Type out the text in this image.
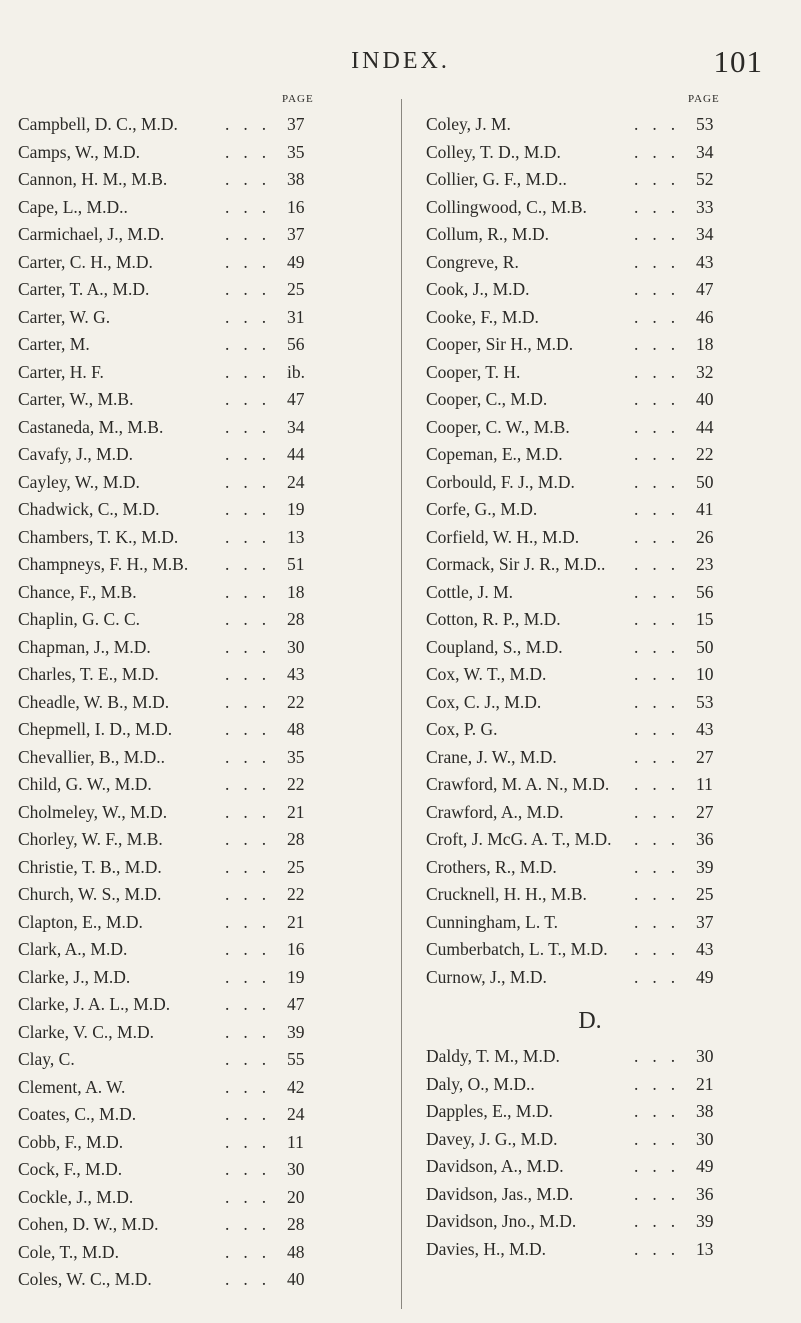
INDEX.	101
PAGE
Campbell, D. C., M.D.	... 37
Camps, W., M.D.	... 35
Cannon, H. M., M.B.	... 38
Cape, L., M.D..	... 16
Carmichael, J., M.D.	... 37
Carter, C. H., M.D.	... 49
Carter, T. A., M.D.	... 25
Carter, W. G.	... 31
Carter, M.	... 56
Carter, H. F.	... ib.
Carter, W., M.B.	... 47
Castaneda, M., M.B.	... 34
Cavafy, J., M.D.	... 44
Cayley, W., M.D.	... 24
Chadwick, C., M.D.	... 19
Chambers, T. K., M.D.	... 13
Champneys, F. H., M.B. ... 51
Chance, F., M.B.	... 18
Chaplin, G. C. C.	... 28
Chapman, J., M.D.	... 30
Charles, T. E., M.D.	... 43
Cheadle, W. B., M.D.	... 22
Chepmell, I. D., M.D.	... 48
Chevallier, B., M.D..	... 35
Child, G. W., M.D.	... 22
Cholmeley, W., M.D.	... 21
Chorley, W. F., M.B.	... 28
Christie, T. B., M.D.	... 25
Church, W. S., M.D.	... 22
Clapton, E., M.D.	... 21
Clark, A., M.D.	... 16
Clarke, J., M.D.	... 19
Clarke, J. A. L., M.D.	... 47
Clarke, V. C., M.D.	... 39
Clay, C.	... 55
Clement, A. W.	... 42
Coates, C., M.D.	... 24
Cobb, F., M.D.	... 11
Cock, F., M.D.	... 30
Cockle, J., M.D.	... 20
Cohen, D. W., M.D.	... 28
Cole, T., M.D.	... 48
Coles, W. C., M.D.	... 40
PAGE
Coley, J. M.	... 53
Colley, T. D., M.D.	... 34
Collier, G. F., M.D..	... 52
Collingwood, C., M.B.	... 33
Collum, R., M.D.	... 34
Congreve, R.	... 43
Cook, J., M.D.	... 47
Cooke, F., M.D.	... 46
Cooper, Sir H., M.D.	... 18
Cooper, T. H.	... 32
Cooper, C., M.D.	... 40
Cooper, C. W., M.B.	... 44
Copeman, E., M.D.	... 22
Corbould, F. J., M.D.	... 50
Corfe, G., M.D.	... 41
Corfield, W. H., M.D.	... 26
Cormack, Sir J. R., M.D.. ... 23
Cottle, J. M.	... 56
Cotton, R. P., M.D.	... 15
Coupland, S., M.D.	... 50
Cox, W. T., M.D.	... 10
Cox, C. J., M.D.	... 53
Cox, P. G.	... 43
Crane, J. W., M.D.	... 27
Crawford, M. A. N., M.D. ... 11
Crawford, A., M.D.	... 27
Croft, J. McG. A. T., M.D. ... 36
Crothers, R., M.D.	... 39
Crucknell, H. H., M.B.	... 25
Cunningham, L. T.	... 37
Cumberbatch, L. T., M.D. ... 43
Curnow, J., M.D.	... 49
D.
Daldy, T. M., M.D.	... 30
Daly, O., M.D..	... 21
Dapples, E., M.D.	... 38
Davey, J. G., M.D.	... 30
Davidson, A., M.D.	... 49
Davidson, Jas., M.D.	... 36
Davidson, Jno., M.D.	... 39
Davies, H., M.D.	... 13
